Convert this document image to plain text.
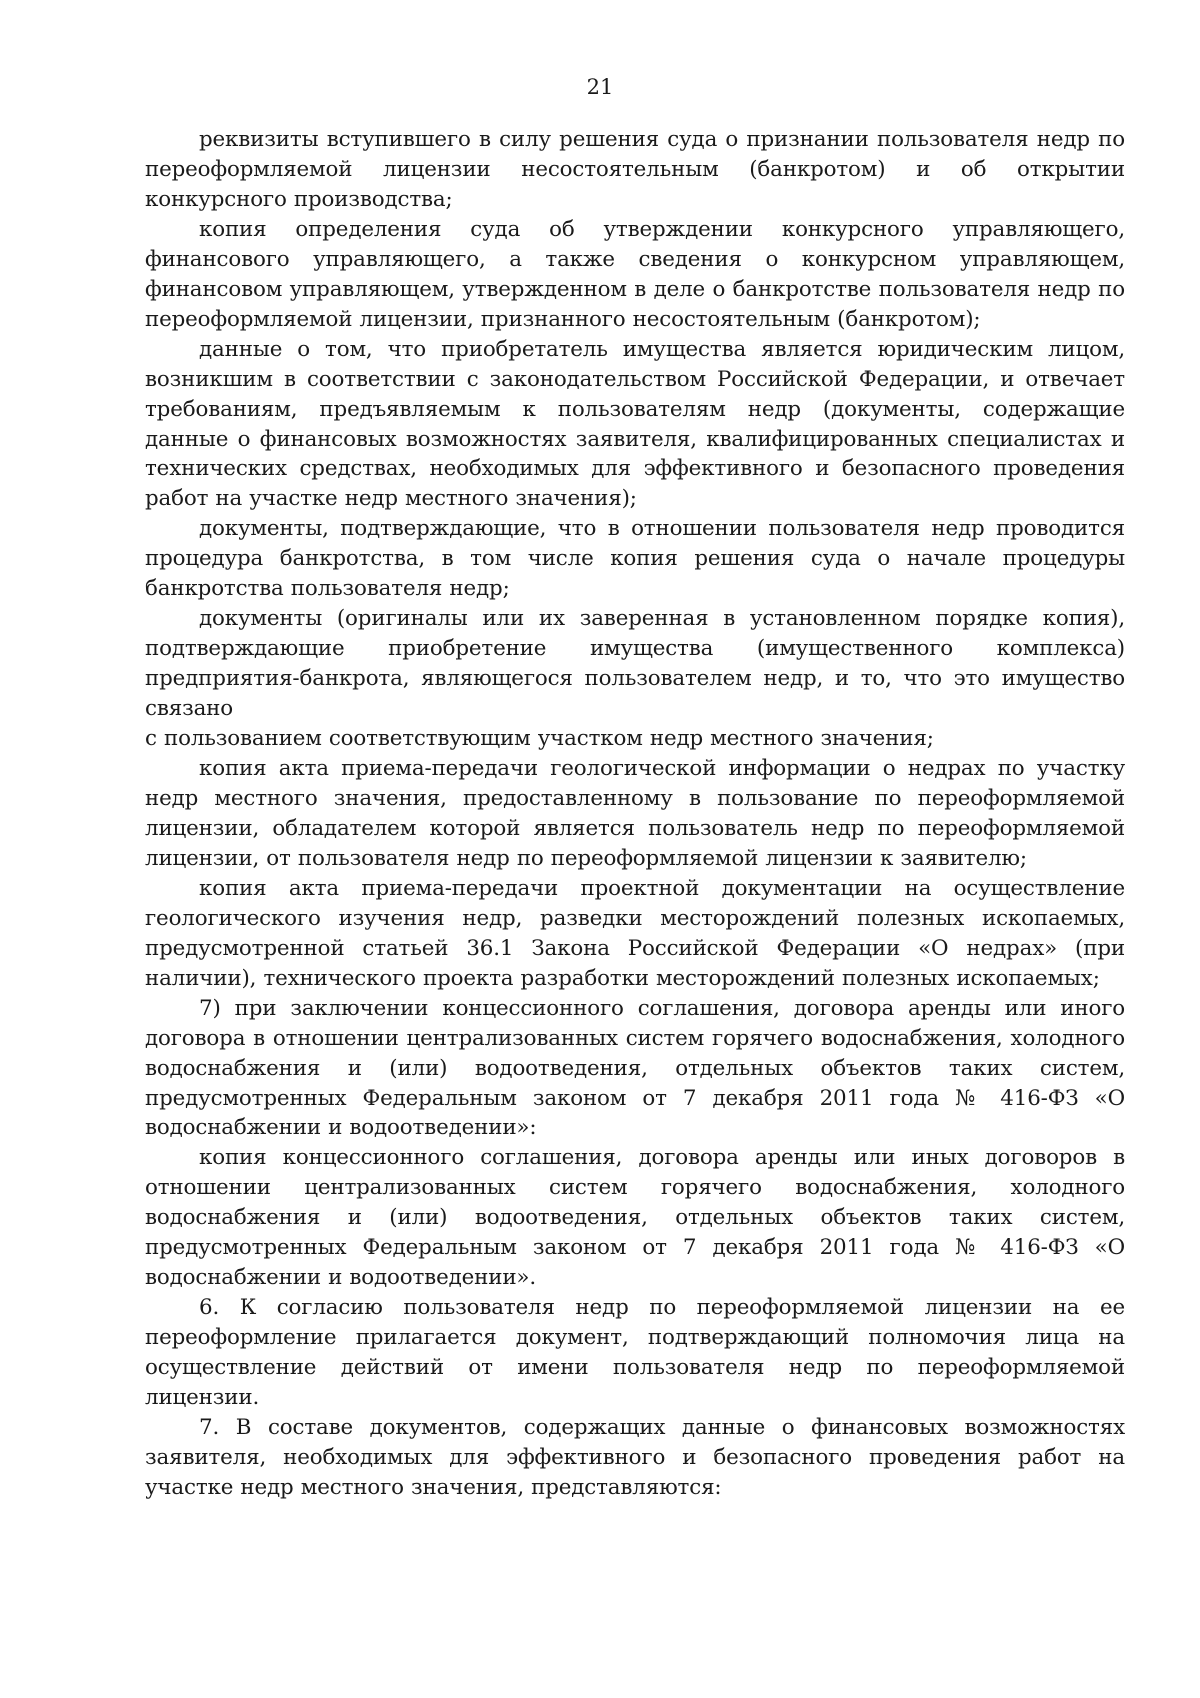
21

реквизиты вступившего в силу решения суда о признании пользователя недр по переоформляемой лицензии несостоятельным (банкротом) и об открытии конкурсного производства;

копия определения суда об утверждении конкурсного управляющего, финансового управляющего, а также сведения о конкурсном управляющем, финансовом управляющем, утвержденном в деле о банкротстве пользователя недр по переоформляемой лицензии, признанного несостоятельным (банкротом);

данные о том, что приобретатель имущества является юридическим лицом, возникшим в соответствии с законодательством Российской Федерации, и отвечает требованиям, предъявляемым к пользователям недр (документы, содержащие данные о финансовых возможностях заявителя, квалифицированных специалистах и технических средствах, необходимых для эффективного и безопасного проведения работ на участке недр местного значения);

документы, подтверждающие, что в отношении пользователя недр проводится процедура банкротства, в том числе копия решения суда о начале процедуры банкротства пользователя недр;

документы (оригиналы или их заверенная в установленном порядке копия), подтверждающие приобретение имущества (имущественного комплекса) предприятия-банкрота, являющегося пользователем недр, и то, что это имущество связано

с пользованием соответствующим участком недр местного значения;

копия акта приема-передачи геологической информации о недрах по участку недр местного значения, предоставленному в пользование по переоформляемой лицензии, обладателем которой является пользователь недр по переоформляемой лицензии, от пользователя недр по переоформляемой лицензии к заявителю;

копия акта приема-передачи проектной документации на осуществление геологического изучения недр, разведки месторождений полезных ископаемых, предусмотренной статьей 36.1 Закона Российской Федерации «О недрах» (при наличии), технического проекта разработки месторождений полезных ископаемых;

7) при заключении концессионного соглашения, договора аренды или иного договора в отношении централизованных систем горячего водоснабжения, холодного водоснабжения и (или) водоотведения, отдельных объектов таких систем, предусмотренных Федеральным законом от 7 декабря 2011 года № 416-ФЗ «О водоснабжении и водоотведении»:

копия концессионного соглашения, договора аренды или иных договоров в отношении централизованных систем горячего водоснабжения, холодного водоснабжения и (или) водоотведения, отдельных объектов таких систем, предусмотренных Федеральным законом от 7 декабря 2011 года № 416-ФЗ «О водоснабжении и водоотведении».

6. К согласию пользователя недр по переоформляемой лицензии на ее переоформление прилагается документ, подтверждающий полномочия лица на осуществление действий от имени пользователя недр по переоформляемой лицензии.

7. В составе документов, содержащих данные о финансовых возможностях заявителя, необходимых для эффективного и безопасного проведения работ на участке недр местного значения, представляются:
